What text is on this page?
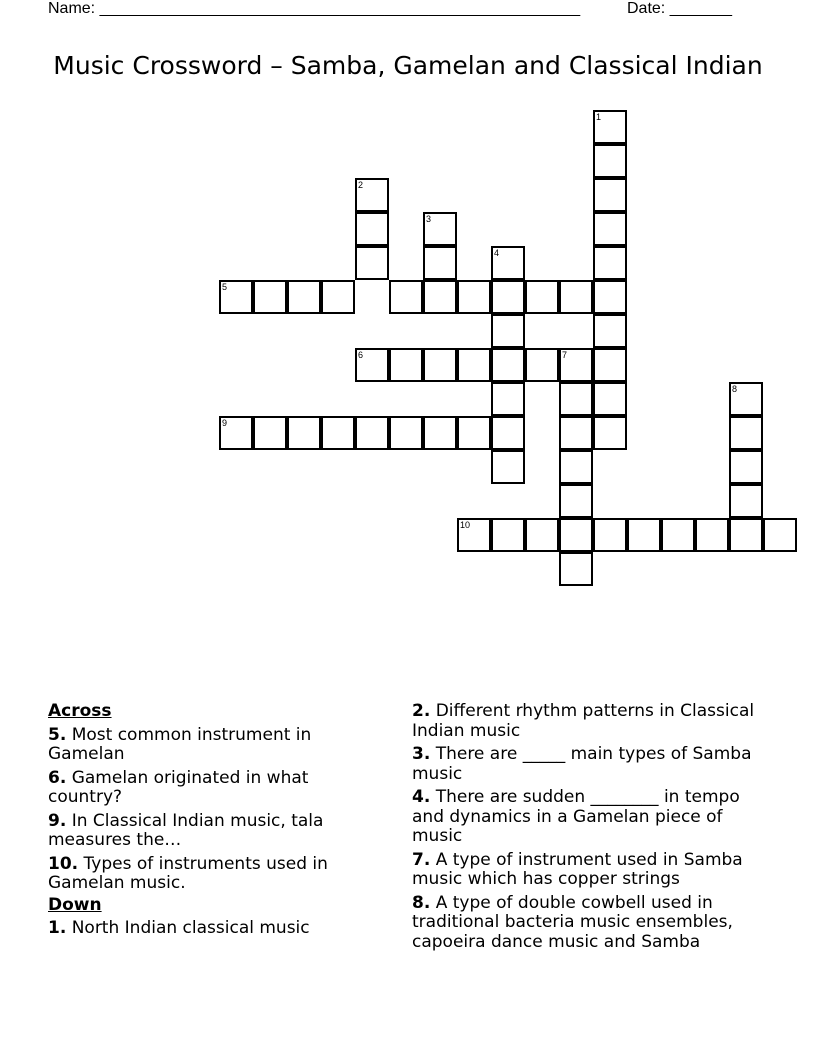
Name: ______________________________________________________	Date: _______
Music Crossword – Samba, Gamelan and Classical Indian
1
2
3
4
5
6	7
9
8
10
Across
5. Most common instrument in Gamelan
6. Gamelan originated in what country?
9. In Classical Indian music, tala measures the…
10. Types of instruments used in Gamelan music.
Down
1. North Indian classical music
2. Different rhythm patterns in Classical Indian music
3. There are _____ main types of Samba music
4. There are sudden ________ in tempo and dynamics in a Gamelan piece of music
7. A type of instrument used in Samba music which has copper strings
8. A type of double cowbell used in traditional bacteria music ensembles, capoeira dance music and Samba
